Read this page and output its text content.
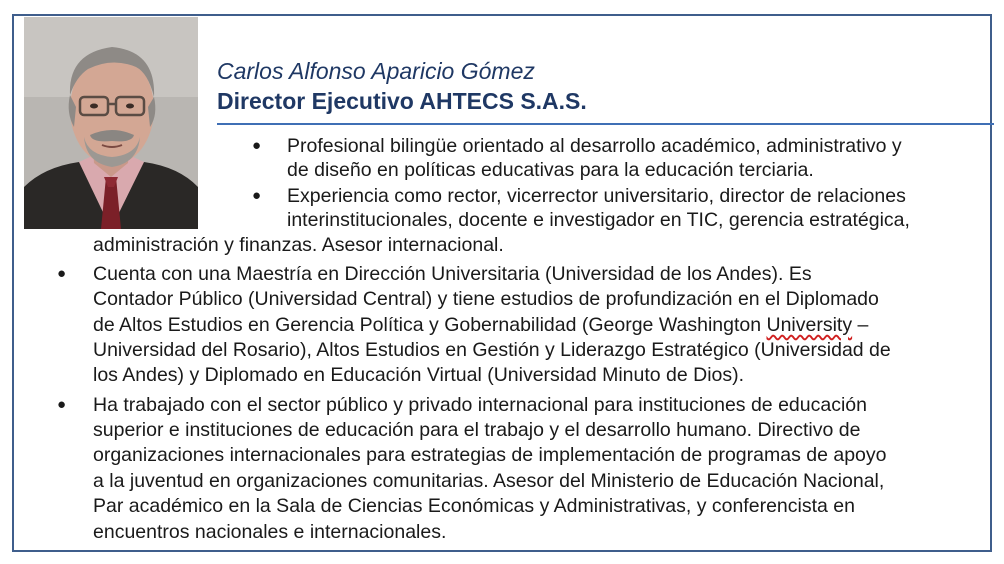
Carlos Alfonso Aparicio Gómez
Director Ejecutivo AHTECS S.A.S.
● Profesional bilingüe orientado al desarrollo académico, administrativo y
de diseño en políticas educativas para la educación terciaria.
● Experiencia como rector, vicerrector universitario, director de relaciones
interinstitucionales, docente e investigador en TIC, gerencia estratégica,
administración y finanzas. Asesor internacional.
● Cuenta con una Maestría en Dirección Universitaria (Universidad de los Andes). Es
Contador Público (Universidad Central) y tiene estudios de profundización en el Diplomado
de Altos Estudios en Gerencia Política y Gobernabilidad (George Washington University –
Universidad del Rosario), Altos Estudios en Gestión y Liderazgo Estratégico (Universidad de
los Andes) y Diplomado en Educación Virtual (Universidad Minuto de Dios).
● Ha trabajado con el sector público y privado internacional para instituciones de educación
superior e instituciones de educación para el trabajo y el desarrollo humano. Directivo de
organizaciones internacionales para estrategias de implementación de programas de apoyo
a la juventud en organizaciones comunitarias. Asesor del Ministerio de Educación Nacional,
Par académico en la Sala de Ciencias Económicas y Administrativas, y conferencista en
encuentros nacionales e internacionales.
